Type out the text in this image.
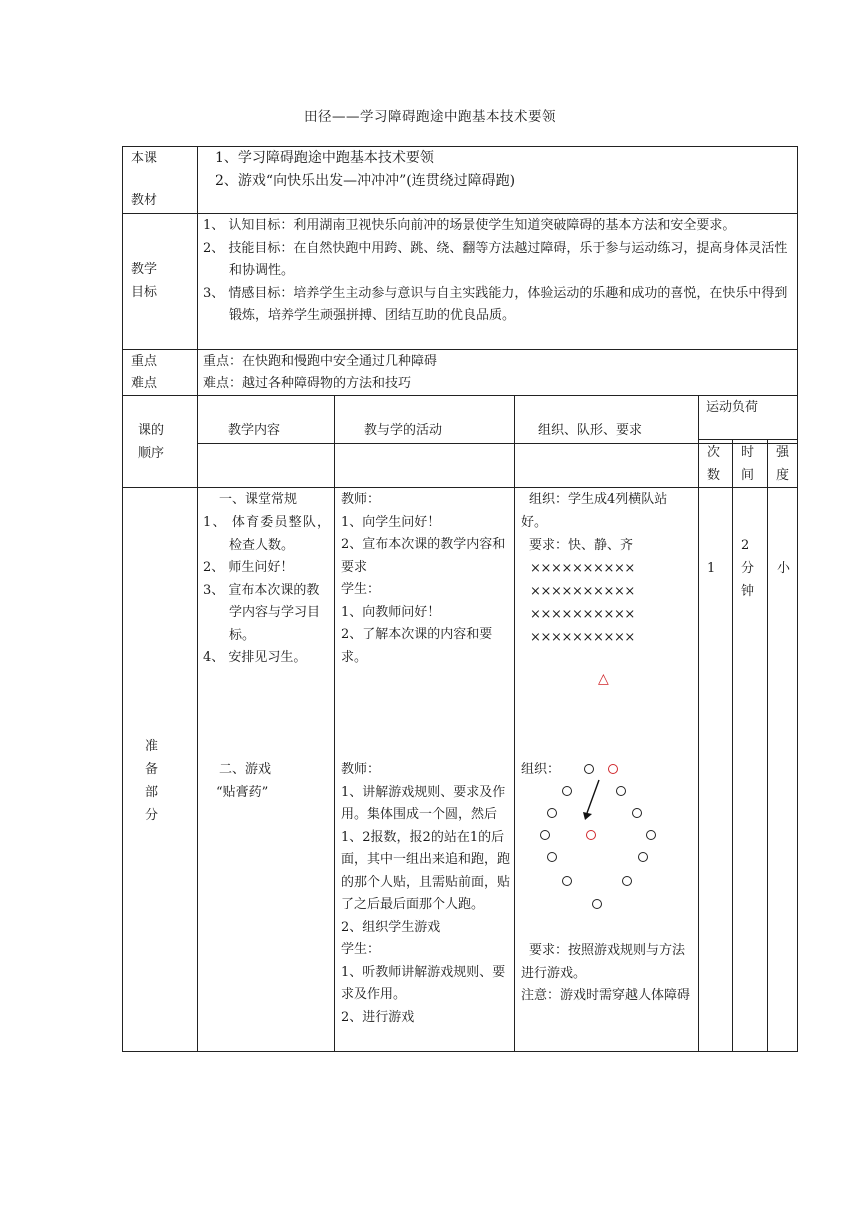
田径——学习障碍跑途中跑基本技术要领
本课
教材
1、学习障碍跑途中跑基本技术要领
2、游戏“向快乐出发—冲冲冲”(连贯绕过障碍跑)
教学
目标
1、 认知目标：利用湖南卫视快乐向前冲的场景使学生知道突破障碍的基本方法和安全要求。
2、 技能目标：在自然快跑中用跨、跳、绕、翻等方法越过障碍，乐于参与运动练习，提高身体灵活性和协调性。
3、 情感目标：培养学生主动参与意识与自主实践能力，体验运动的乐趣和成功的喜悦，在快乐中得到锻炼，培养学生顽强拼搏、团结互助的优良品质。
重点
难点
重点：在快跑和慢跑中安全通过几种障碍
难点：越过各种障碍物的方法和技巧
课的
顺序
教学内容	教与学的活动	组织、队形、要求
运动负荷
次
数
时
间
强
度
准
备
部
分
一、课堂常规
1、 体育委员整队，检查人数。
2、 师生问好！
3、 宣布本次课的教学内容与学习目标。
4、 安排见习生。
二、游戏
“贴膏药”
教师：
1、向学生问好！
2、宣布本次课的教学内容和要求
学生：
1、向教师问好！
2、了解本次课的内容和要求。
教师：
1、讲解游戏规则、要求及作用。集体围成一个圆，然后1、2报数，报2的站在1的后面，其中一组出来追和跑，跑的那个人贴，且需贴前面，贴了之后最后面那个人跑。
2、组织学生游戏
学生：
1、听教师讲解游戏规则、要求及作用。
2、进行游戏
组织：学生成4列横队站好。
要求：快、静、齐
××××××××××
××××××××××
××××××××××
××××××××××
△
组织：
要求：按照游戏规则与方法进行游戏。
注意：游戏时需穿越人体障碍
1
2
分
钟
小
